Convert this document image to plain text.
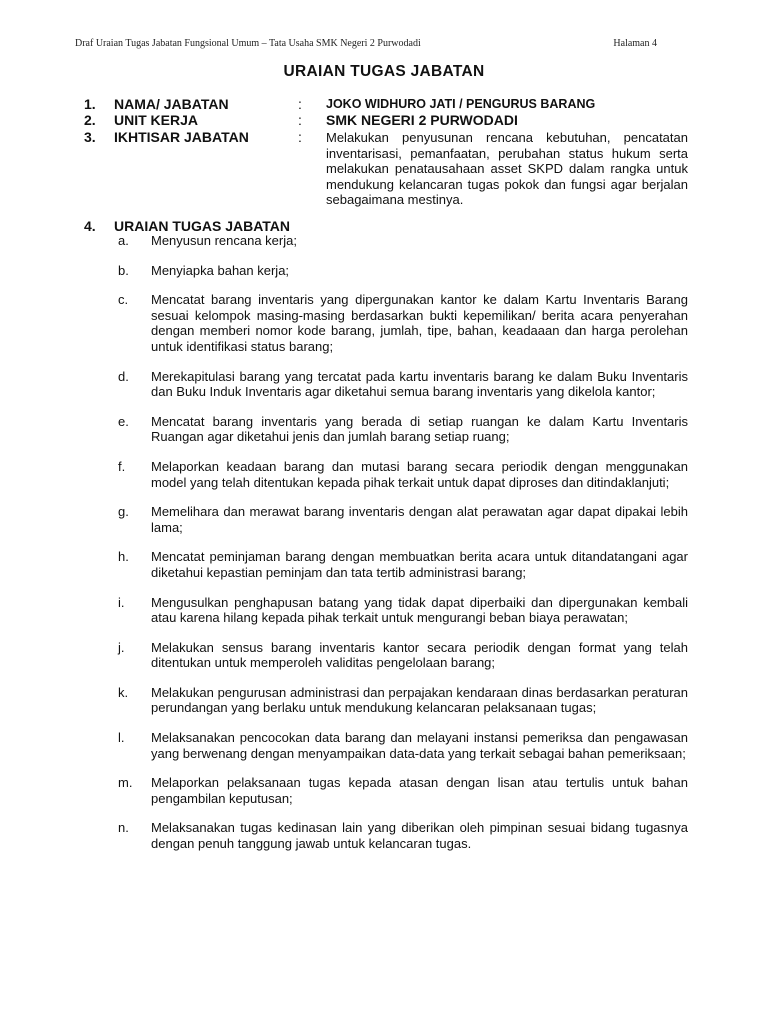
Draf Uraian Tugas Jabatan Fungsional Umum – Tata Usaha SMK Negeri 2 Purwodadi	Halaman 4
URAIAN TUGAS JABATAN
1. NAMA/ JABATAN	: JOKO WIDHURO JATI / PENGURUS BARANG
2. UNIT KERJA	: SMK NEGERI 2 PURWODADI
3. IKHTISAR JABATAN	: Melakukan penyusunan rencana kebutuhan, pencatatan inventarisasi, pemanfaatan, perubahan status hukum serta melakukan penatausahaan asset SKPD dalam rangka untuk mendukung kelancaran tugas pokok dan fungsi agar berjalan sebagaimana mestinya.
4. URAIAN TUGAS JABATAN
a. Menyusun rencana kerja;
b. Menyiapka bahan kerja;
c. Mencatat barang inventaris yang dipergunakan kantor ke dalam Kartu Inventaris Barang sesuai kelompok masing-masing berdasarkan bukti kepemilikan/ berita acara penyerahan dengan memberi nomor kode barang, jumlah, tipe, bahan, keadaaan dan harga perolehan untuk identifikasi status barang;
d. Merekapitulasi barang yang tercatat pada kartu inventaris barang ke dalam Buku Inventaris dan Buku Induk Inventaris agar diketahui semua barang inventaris yang dikelola kantor;
e. Mencatat barang inventaris yang berada di setiap ruangan ke dalam Kartu Inventaris Ruangan agar diketahui jenis dan jumlah barang setiap ruang;
f. Melaporkan keadaan barang dan mutasi barang secara periodik dengan menggunakan model yang telah ditentukan kepada pihak terkait untuk dapat diproses dan ditindaklanjuti;
g. Memelihara dan merawat barang inventaris dengan alat perawatan agar dapat dipakai lebih lama;
h. Mencatat peminjaman barang dengan membuatkan berita acara untuk ditandatangani agar diketahui kepastian peminjam dan tata tertib administrasi barang;
i. Mengusulkan penghapusan batang yang tidak dapat diperbaiki dan dipergunakan kembali atau karena hilang kepada pihak terkait untuk mengurangi beban biaya perawatan;
j. Melakukan sensus barang inventaris kantor secara periodik dengan format yang telah ditentukan untuk memperoleh validitas pengelolaan barang;
k. Melakukan pengurusan administrasi dan perpajakan kendaraan dinas berdasarkan peraturan perundangan yang berlaku untuk mendukung kelancaran pelaksanaan tugas;
l. Melaksanakan pencocokan data barang dan melayani instansi pemeriksa dan pengawasan yang berwenang dengan menyampaikan data-data yang terkait sebagai bahan pemeriksaan;
m. Melaporkan pelaksanaan tugas kepada atasan dengan lisan atau tertulis untuk bahan pengambilan keputusan;
n. Melaksanakan tugas kedinasan lain yang diberikan oleh pimpinan sesuai bidang tugasnya dengan penuh tanggung jawab untuk kelancaran tugas.
